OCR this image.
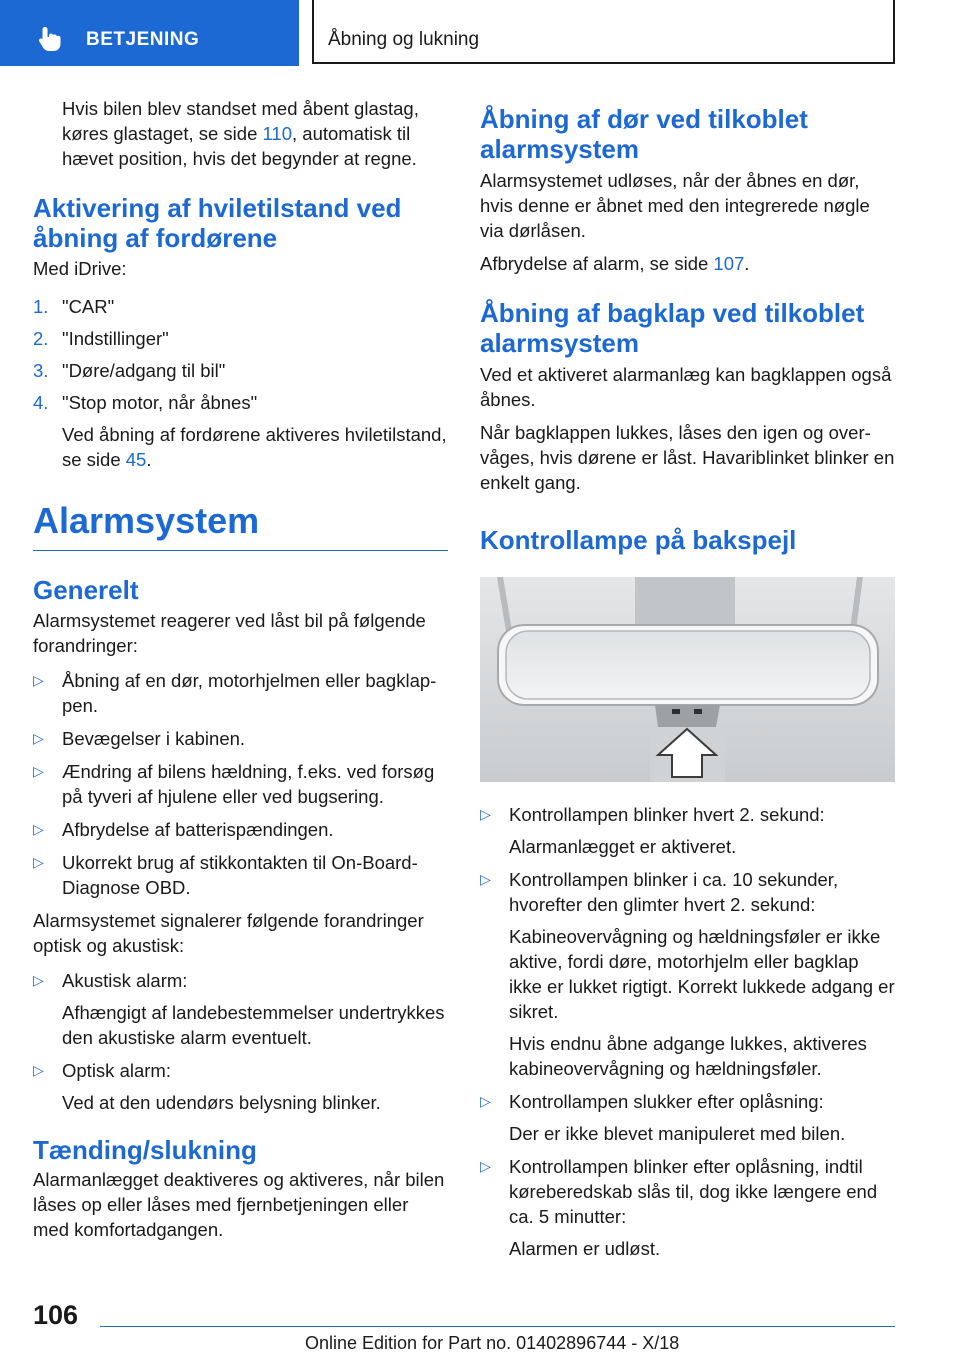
BETJENING	Åbning og lukning

Hvis bilen blev standset med åbent glastag, køres glastaget, se side 110, automatisk til hævet position, hvis det begynder at regne.

Aktivering af hviletilstand ved åbning af fordørene

Med iDrive:

1. "CAR"
2. "Indstillinger"
3. "Døre/adgang til bil"
4. "Stop motor, når åbnes"
Ved åbning af fordørene aktiveres hviletilstand, se side 45.
Alarmsystem
Generelt

Alarmsystemet reagerer ved låst bil på følgende forandringer:

▷ Åbning af en dør, motorhjelmen eller bagklappen.
▷ Bevægelser i kabinen.
▷ Ændring af bilens hældning, f.eks. ved forsøg på tyveri af hjulene eller ved bugsering.
▷ Afbrydelse af batterispændingen.
▷ Ukorrekt brug af stikkontakten til On-Board-Diagnose OBD.

Alarmsystemet signalerer følgende forandringer optisk og akustisk:

▷ Akustisk alarm:
Afhængigt af landebestemmelser undertrykkes den akustiske alarm eventuelt.
▷ Optisk alarm:
Ved at den udendørs belysning blinker.
Tænding/slukning

Alarmanlægget deaktiveres og aktiveres, når bilen låses op eller låses med fjernbetjeningen eller med komfortadgangen.

Åbning af dør ved tilkoblet alarmsystem

Alarmsystemet udløses, når der åbnes en dør, hvis denne er åbnet med den integrerede nøgle via dørlåsen.

Afbrydelse af alarm, se side 107.

Åbning af bagklap ved tilkoblet alarmsystem

Ved et aktiveret alarmanlæg kan bagklappen også åbnes.

Når bagklappen lukkes, låses den igen og overvåges, hvis dørene er låst. Havariblinket blinker en enkelt gang.

Kontrollampe på bakspejl
▷ Kontrollampen blinker hvert 2. sekund:
Alarmanlægget er aktiveret.
▷ Kontrollampen blinker i ca. 10 sekunder, hvorefter den glimter hvert 2. sekund:
Kabineovervågning og hældningsføler er ikke aktive, fordi døre, motorhjelm eller bagklap ikke er lukket rigtigt. Korrekt lukkede adgang er sikret.
Hvis endnu åbne adgange lukkes, aktiveres kabineovervågning og hældningsføler.
▷ Kontrollampen slukker efter oplåsning:
Der er ikke blevet manipuleret med bilen.
▷ Kontrollampen blinker efter oplåsning, indtil køreberedskab slås til, dog ikke længere end ca. 5 minutter:
Alarmen er udløst.
106
Online Edition for Part no. 01402896744 - X/18
